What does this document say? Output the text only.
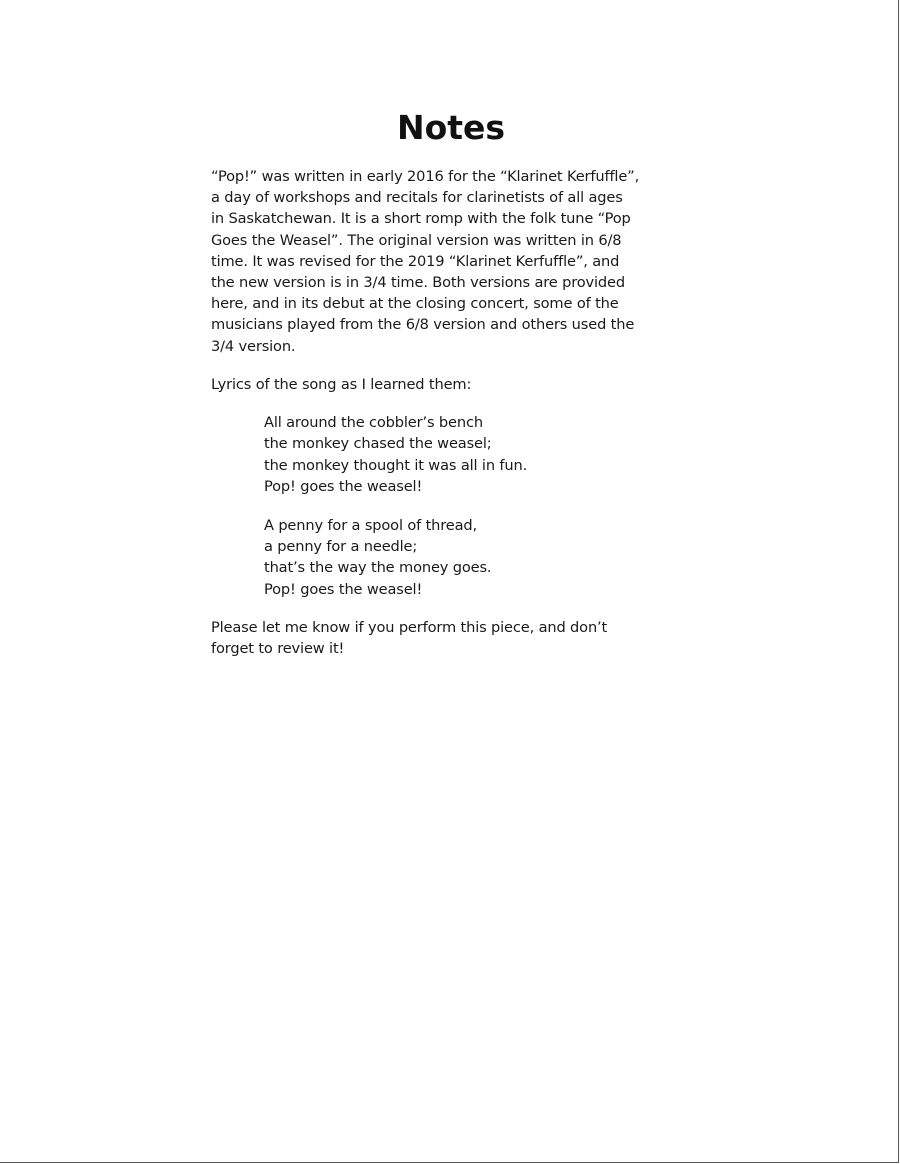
Notes

“Pop!” was written in early 2016 for the “Klarinet Kerfuffle”,
a day of workshops and recitals for clarinetists of all ages
in Saskatchewan. It is a short romp with the folk tune “Pop
Goes the Weasel”. The original version was written in 6/8
time. It was revised for the 2019 “Klarinet Kerfuffle”, and
the new version is in 3/4 time. Both versions are provided
here, and in its debut at the closing concert, some of the
musicians played from the 6/8 version and others used the
3/4 version.

Lyrics of the song as I learned them:

All around the cobbler’s bench
the monkey chased the weasel;
the monkey thought it was all in fun.
Pop! goes the weasel!
A penny for a spool of thread,
a penny for a needle;
that’s the way the money goes.
Pop! goes the weasel!

Please let me know if you perform this piece, and don’t
forget to review it!
